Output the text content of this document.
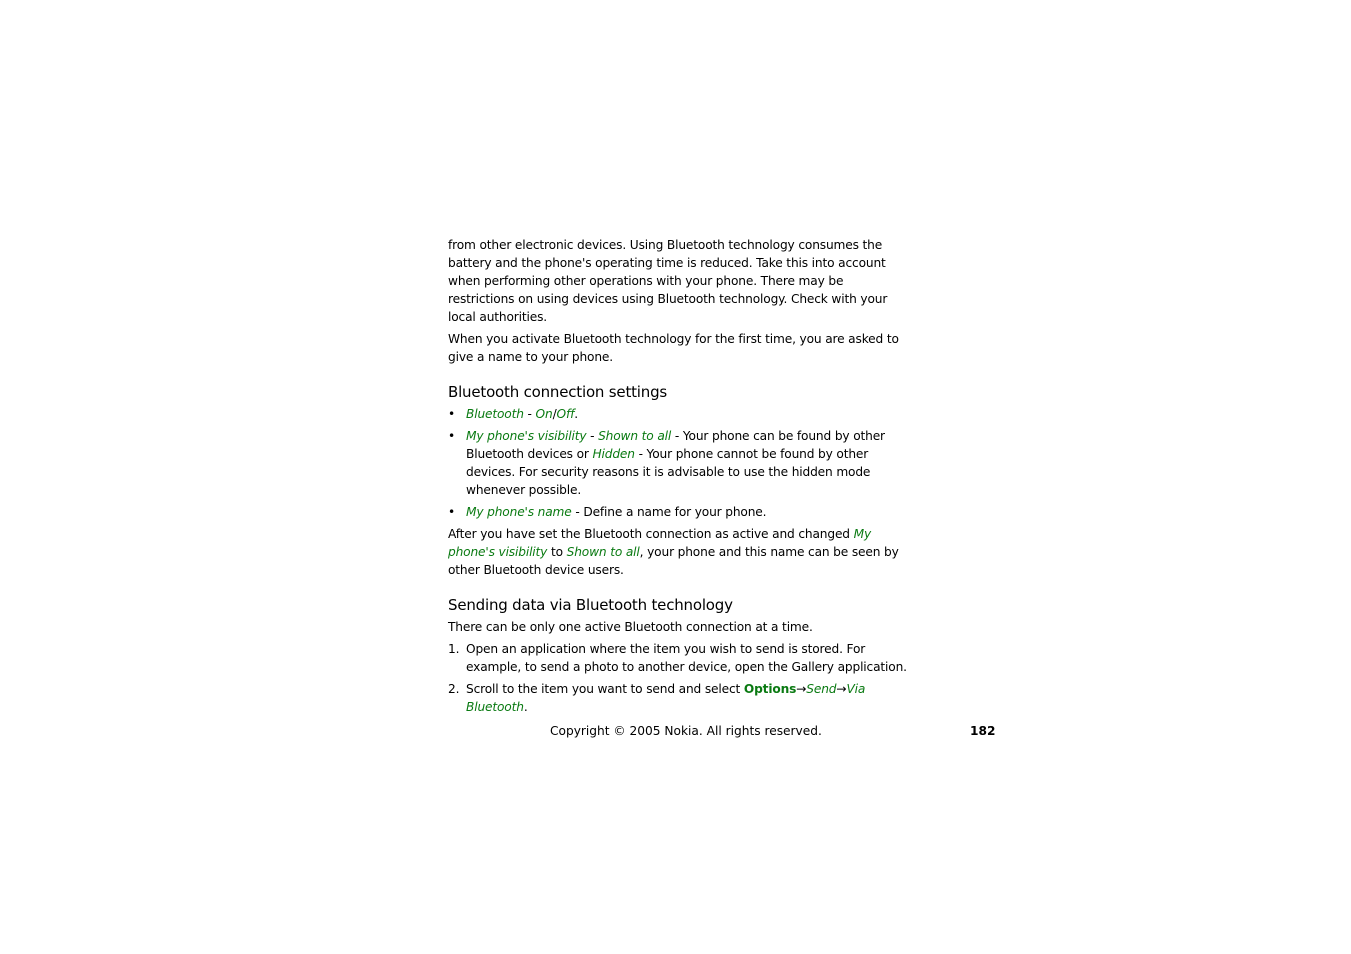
from other electronic devices. Using Bluetooth technology consumes the battery and the phone's operating time is reduced. Take this into account when performing other operations with your phone. There may be restrictions on using devices using Bluetooth technology. Check with your local authorities.

When you activate Bluetooth technology for the first time, you are asked to give a name to your phone.

Bluetooth connection settings
• Bluetooth - On/Off.
• My phone's visibility - Shown to all - Your phone can be found by other Bluetooth devices or Hidden - Your phone cannot be found by other devices. For security reasons it is advisable to use the hidden mode whenever possible.
• My phone's name - Define a name for your phone.

After you have set the Bluetooth connection as active and changed My phone's visibility to Shown to all, your phone and this name can be seen by other Bluetooth device users.

Sending data via Bluetooth technology

There can be only one active Bluetooth connection at a time.

1. Open an application where the item you wish to send is stored. For example, to send a photo to another device, open the Gallery application.
2. Scroll to the item you want to send and select Options→Send→Via Bluetooth.
Copyright © 2005 Nokia. All rights reserved.	182
